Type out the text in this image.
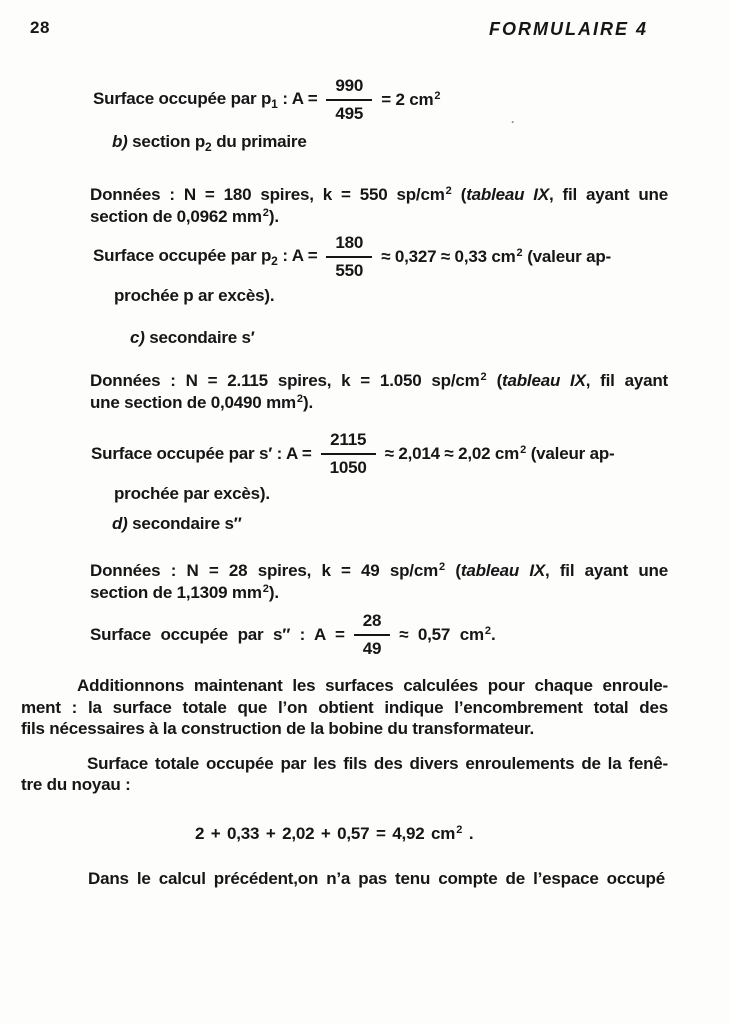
28	FORMULAIRE 4
Surface occupée par $p_1$ : $A = \frac{990}{495} = 2$ $cm^2$
.
b) section $p_2$ du primaire
Données : N = 180 spires, k = 550 $sp/cm^2$ (tableau IX, fil ayant une
section de 0,0962 $mm^2$).
Surface occupée par $p_2$ : $A = \frac{180}{550} \approx 0,327 \approx 0,33$ $cm^2$ (valeur ap-
prochée p ar excès).
c) secondaire s′
Données : N = 2.115 spires, k = 1.050 $sp/cm^2$ (tableau IX, fil ayant
une section de 0,0490 $mm^2$).
Surface occupée par s′ : $A = \frac{2115}{1050} \approx 2,014 \approx 2,02$ $cm^2$ (valeur ap-
prochée par excès).
d) secondaire s″
Données : N = 28 spires, k = 49 $sp/cm^2$ (tableau IX, fil ayant une
section de 1,1309 $mm^2$).
Surface occupée par s″ : $A = \frac{28}{49} \approx 0,57$ $cm^2$.
Additionnons maintenant les surfaces calculées pour chaque enroule-
ment : la surface totale que l’on obtient indique l’encombrement total des
fils nécessaires à la construction de la bobine du transformateur.
Surface totale occupée par les fils des divers enroulements de la fenê-
tre du noyau :
2 + 0,33 + 2,02 + 0,57 = 4,92 $cm^2$ .
Dans le calcul précédent,on n’a pas tenu compte de l’espace occupé
